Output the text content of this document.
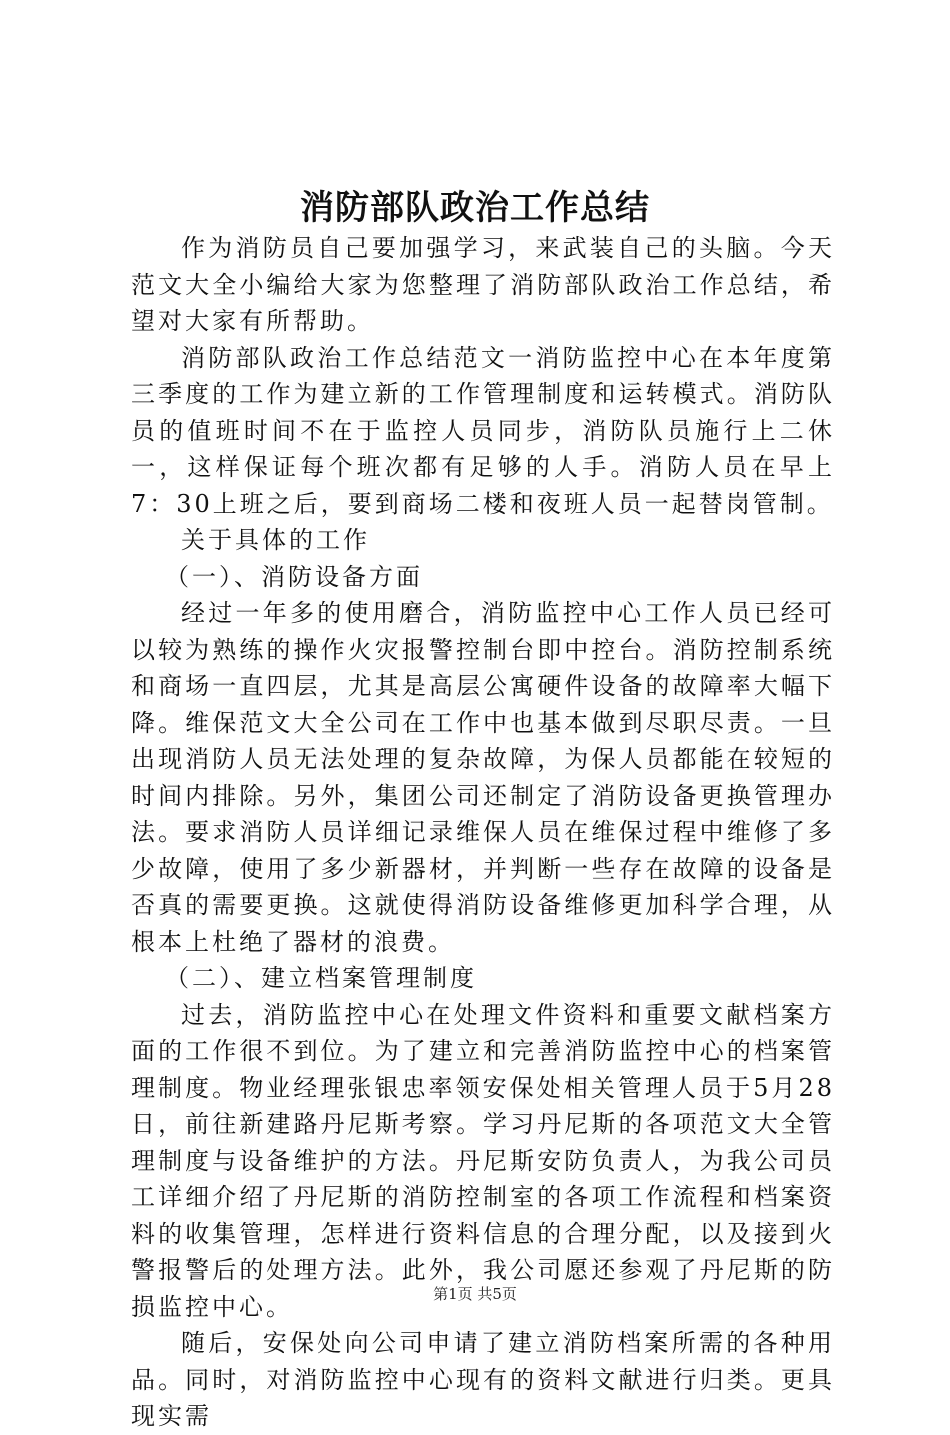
消防部队政治工作总结

作为消防员自己要加强学习，来武装自己的头脑。今天范文大全小编给大家为您整理了消防部队政治工作总结，希望对大家有所帮助。

消防部队政治工作总结范文一消防监控中心在本年度第三季度的工作为建立新的工作管理制度和运转模式。消防队员的值班时间不在于监控人员同步，消防队员施行上二休一，这样保证每个班次都有足够的人手。消防人员在早上7：30上班之后，要到商场二楼和夜班人员一起替岗管制。

关于具体的工作

（一）、消防设备方面

经过一年多的使用磨合，消防监控中心工作人员已经可以较为熟练的操作火灾报警控制台即中控台。消防控制系统和商场一直四层，尤其是高层公寓硬件设备的故障率大幅下降。维保范文大全公司在工作中也基本做到尽职尽责。一旦出现消防人员无法处理的复杂故障，为保人员都能在较短的时间内排除。另外，集团公司还制定了消防设备更换管理办法。要求消防人员详细记录维保人员在维保过程中维修了多少故障，使用了多少新器材，并判断一些存在故障的设备是否真的需要更换。这就使得消防设备维修更加科学合理，从根本上杜绝了器材的浪费。

（二）、建立档案管理制度

过去，消防监控中心在处理文件资料和重要文献档案方面的工作很不到位。为了建立和完善消防监控中心的档案管理制度。物业经理张银忠率领安保处相关管理人员于5月28日，前往新建路丹尼斯考察。学习丹尼斯的各项范文大全管理制度与设备维护的方法。丹尼斯安防负责人，为我公司员工详细介绍了丹尼斯的消防控制室的各项工作流程和档案资料的收集管理，怎样进行资料信息的合理分配，以及接到火警报警后的处理方法。此外，我公司愿还参观了丹尼斯的防损监控中心。

随后，安保处向公司申请了建立消防档案所需的各种用品。同时，对消防监控中心现有的资料文献进行归类。更具现实需

第1页 共5页
